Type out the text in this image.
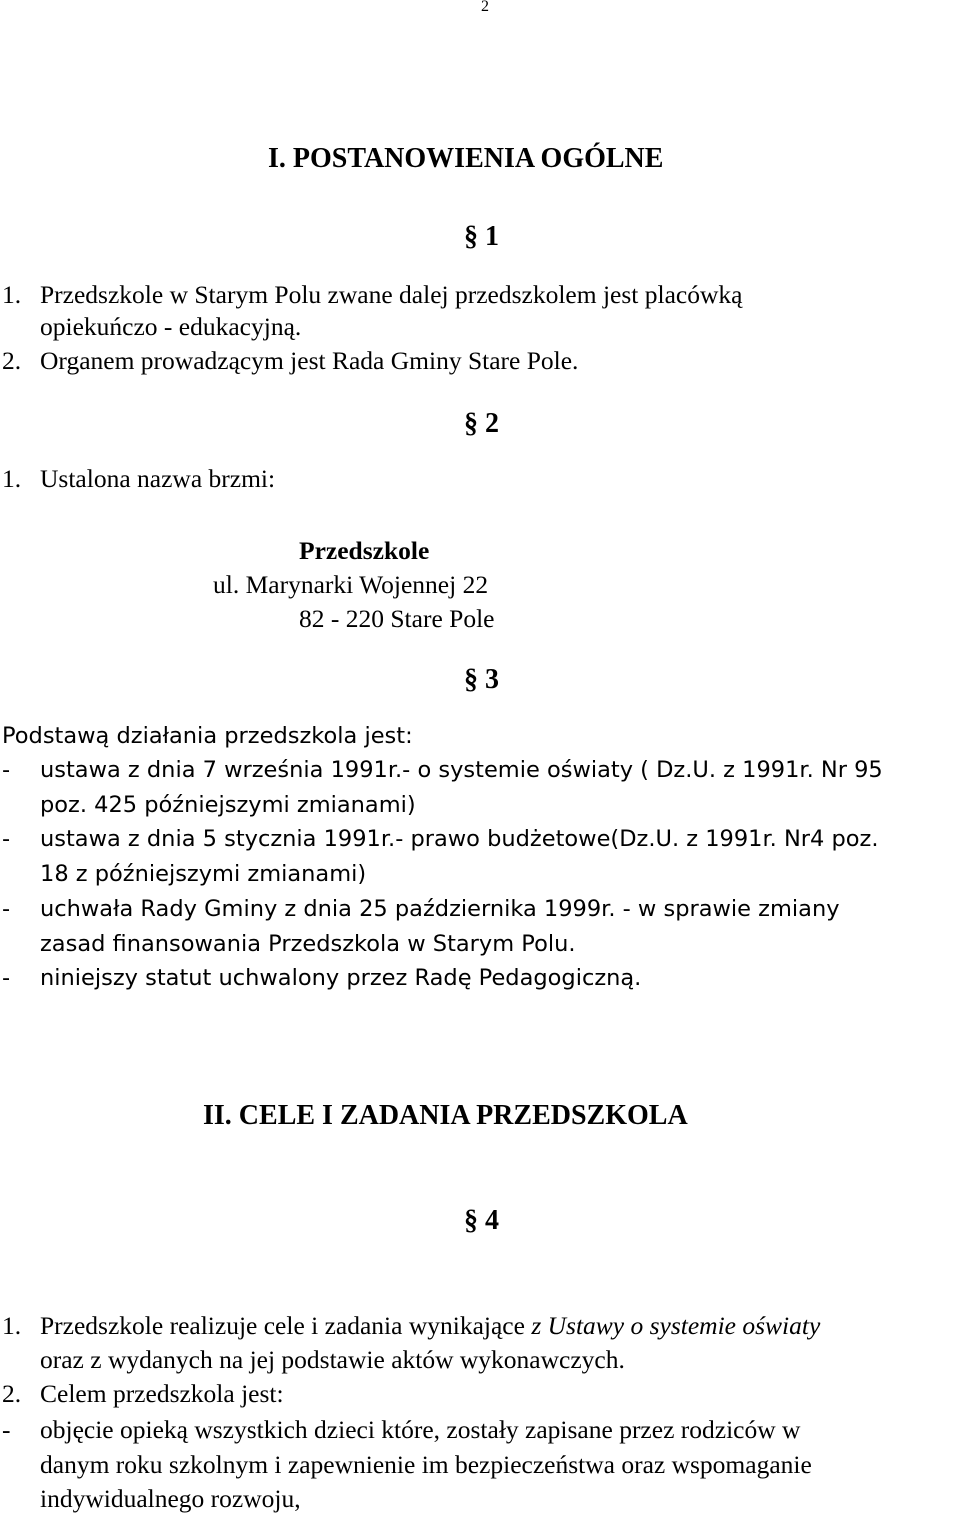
2
I. POSTANOWIENIA OGÓLNE
§ 1
1. Przedszkole w Starym Polu zwane dalej przedszkolem jest placówką
opiekuńczo - edukacyjną.
2. Organem prowadzącym jest Rada Gminy Stare Pole.
§ 2
1. Ustalona nazwa brzmi:
Przedszkole
ul. Marynarki Wojennej 22
82 - 220 Stare Pole
§ 3
Podstawą działania przedszkola jest:
- ustawa z dnia 7 września 1991r.- o systemie oświaty ( Dz.U. z 1991r. Nr 95
poz. 425 późniejszymi zmianami)
- ustawa z dnia 5 stycznia 1991r.- prawo budżetowe(Dz.U. z 1991r. Nr4 poz.
18 z późniejszymi zmianami)
- uchwała Rady Gminy z dnia 25 października 1999r. - w sprawie zmiany
zasad finansowania Przedszkola w Starym Polu.
- niniejszy statut uchwalony przez Radę Pedagogiczną.
II. CELE I ZADANIA PRZEDSZKOLA
§ 4
1. Przedszkole realizuje cele i zadania wynikające z Ustawy o systemie oświaty
oraz z wydanych na jej podstawie aktów wykonawczych.
2. Celem przedszkola jest:
- objęcie opieką wszystkich dzieci które, zostały zapisane przez rodziców w
danym roku szkolnym i zapewnienie im bezpieczeństwa oraz wspomaganie
indywidualnego rozwoju,
